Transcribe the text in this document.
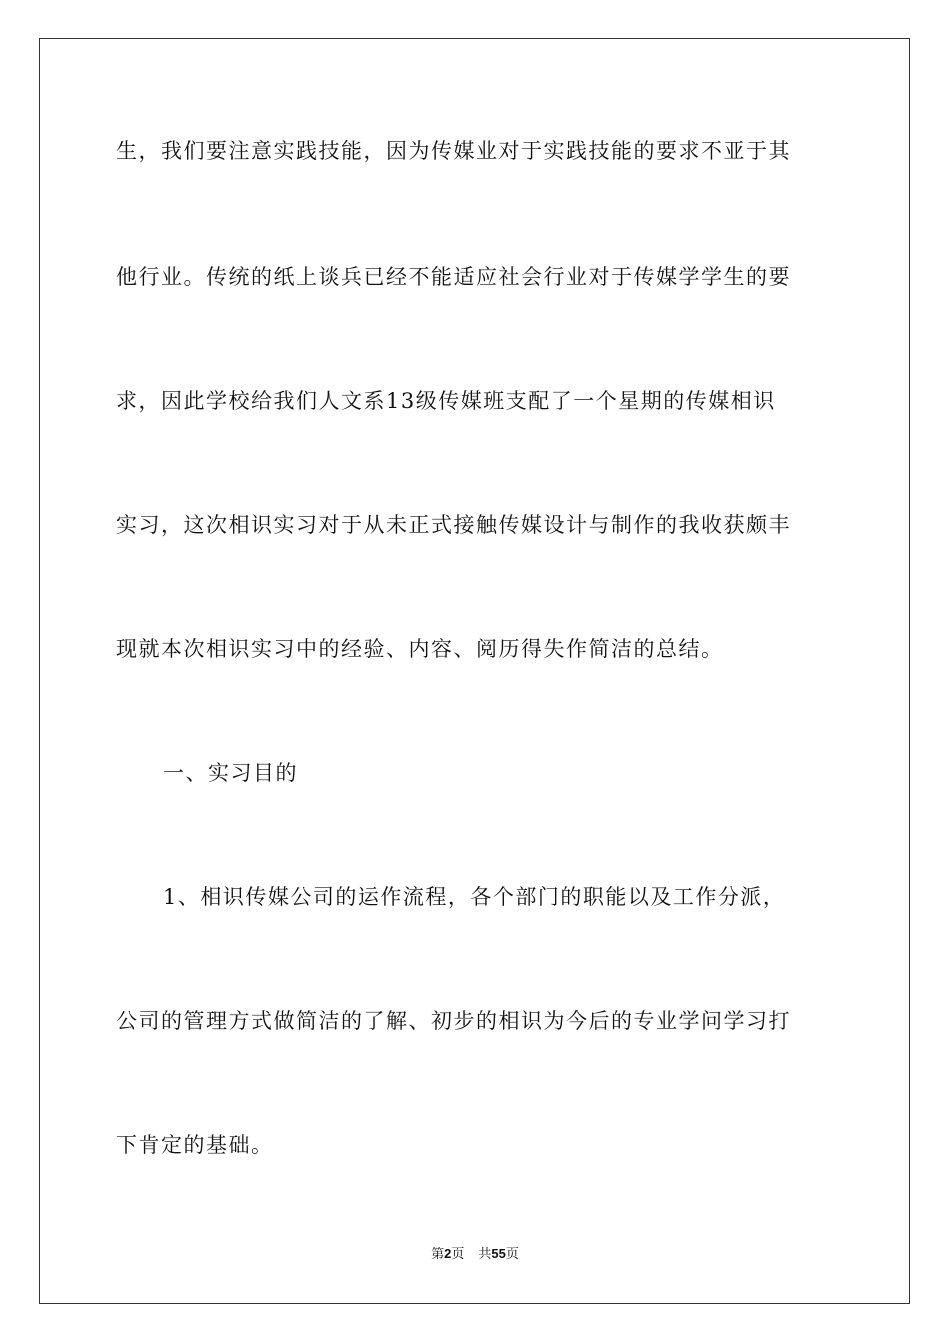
生，我们要注意实践技能，因为传媒业对于实践技能的要求不亚于其
他行业。传统的纸上谈兵已经不能适应社会行业对于传媒学学生的要
求，因此学校给我们人文系13级传媒班支配了一个星期的传媒相识
实习，这次相识实习对于从未正式接触传媒设计与制作的我收获颇丰
现就本次相识实习中的经验、内容、阅历得失作简洁的总结。
一、实习目的
1、相识传媒公司的运作流程，各个部门的职能以及工作分派，
公司的管理方式做简洁的了解、初步的相识为今后的专业学问学习打
下肯定的基础。
第2页 共55页
